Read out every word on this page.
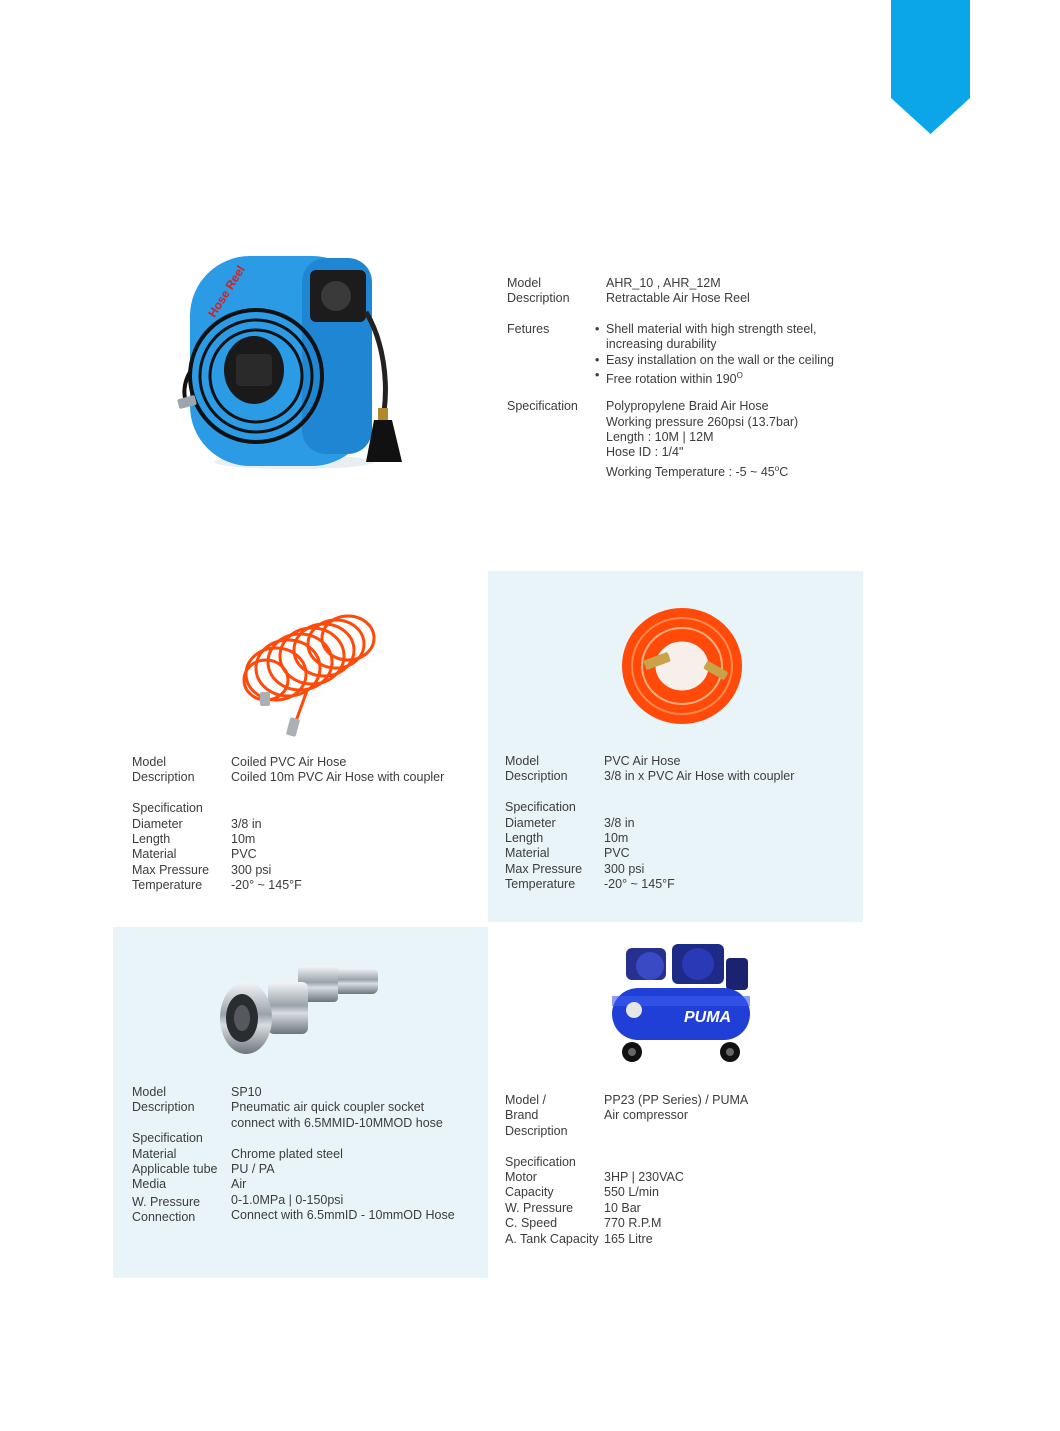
Hose Reel	Model	AHR_10 , AHR_12M
Description	Retractable Air Hose Reel
Fetures
•	Shell material with high strength steel,
increasing durability
• Easy installation on the wall or the ceiling
• Free rotation within $190^O$
Specification Polypropylene Braid Air Hose
Working pressure 260psi (13.7bar)
Length : 10M | 12M
Hose ID : 1/4"
Working Temperature : -5 ~ 45$^o$C
Model	Coiled PVC Air Hose
Description	Coiled 10m PVC Air Hose with coupler
Specification
Diameter	3/8 in
Length	10m
Material	PVC
Max Pressure 300 psi
Temperature -20° ~ 145°F
Model	PVC Air Hose
Description	3/8 in x PVC Air Hose with coupler
Specification
Diameter	3/8 in
Length	10m
Material	PVC
Max Pressure 300 psi
Temperature -20° ~ 145°F
Model	SP10
Description	Pneumatic air quick coupler socket
connect with 6.5MMID-10MMOD hose
Specification
Material	Chrome plated steel
Applicable tube PU / PA
Media	Air
W. Pressure 0-1.0MPa | 0-150psi
Connection	Connect with 6.5mmID - 10mmOD Hose
PUMA
Model /	PP23 (PP Series) / PUMA
Brand	Air compressor
Description
Specification
Motor	3HP | 230VAC
Capacity	550 L/min
W. Pressure 10 Bar
C. Speed	770 R.P.M
A. Tank Capacity 165 Litre
